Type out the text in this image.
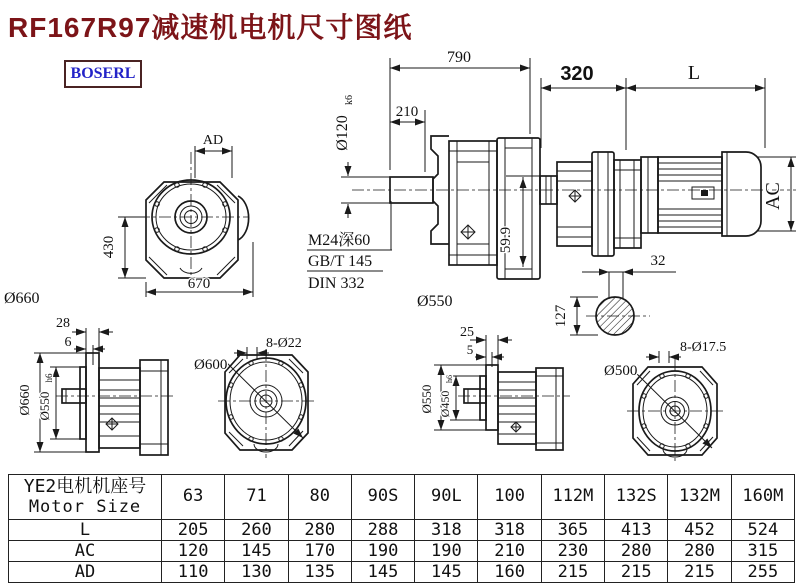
790
210
Ø120
k6
M24深60
GB/T 145
DIN 332
59.9
320	L
AC
AD
430
670
Ø660
32
127
Ø550
28
6
Ø660 Ø550
h6
Ø600
8-Ø22
25
5
Ø550 Ø450
h6	Ø500
8-Ø17.5
RF167R97减速机电机尺寸图纸
BOSERL
YE2电机机座号
Motor Size	63	71	80	90S	90L	100	112M	132S	132M	160M
L	205	260	280	288	318	318	365	413	452	524
AC	120	145	170	190	190	210	230	280	280	315
AD	110	130	135	145	145	160	215	215	215	255
